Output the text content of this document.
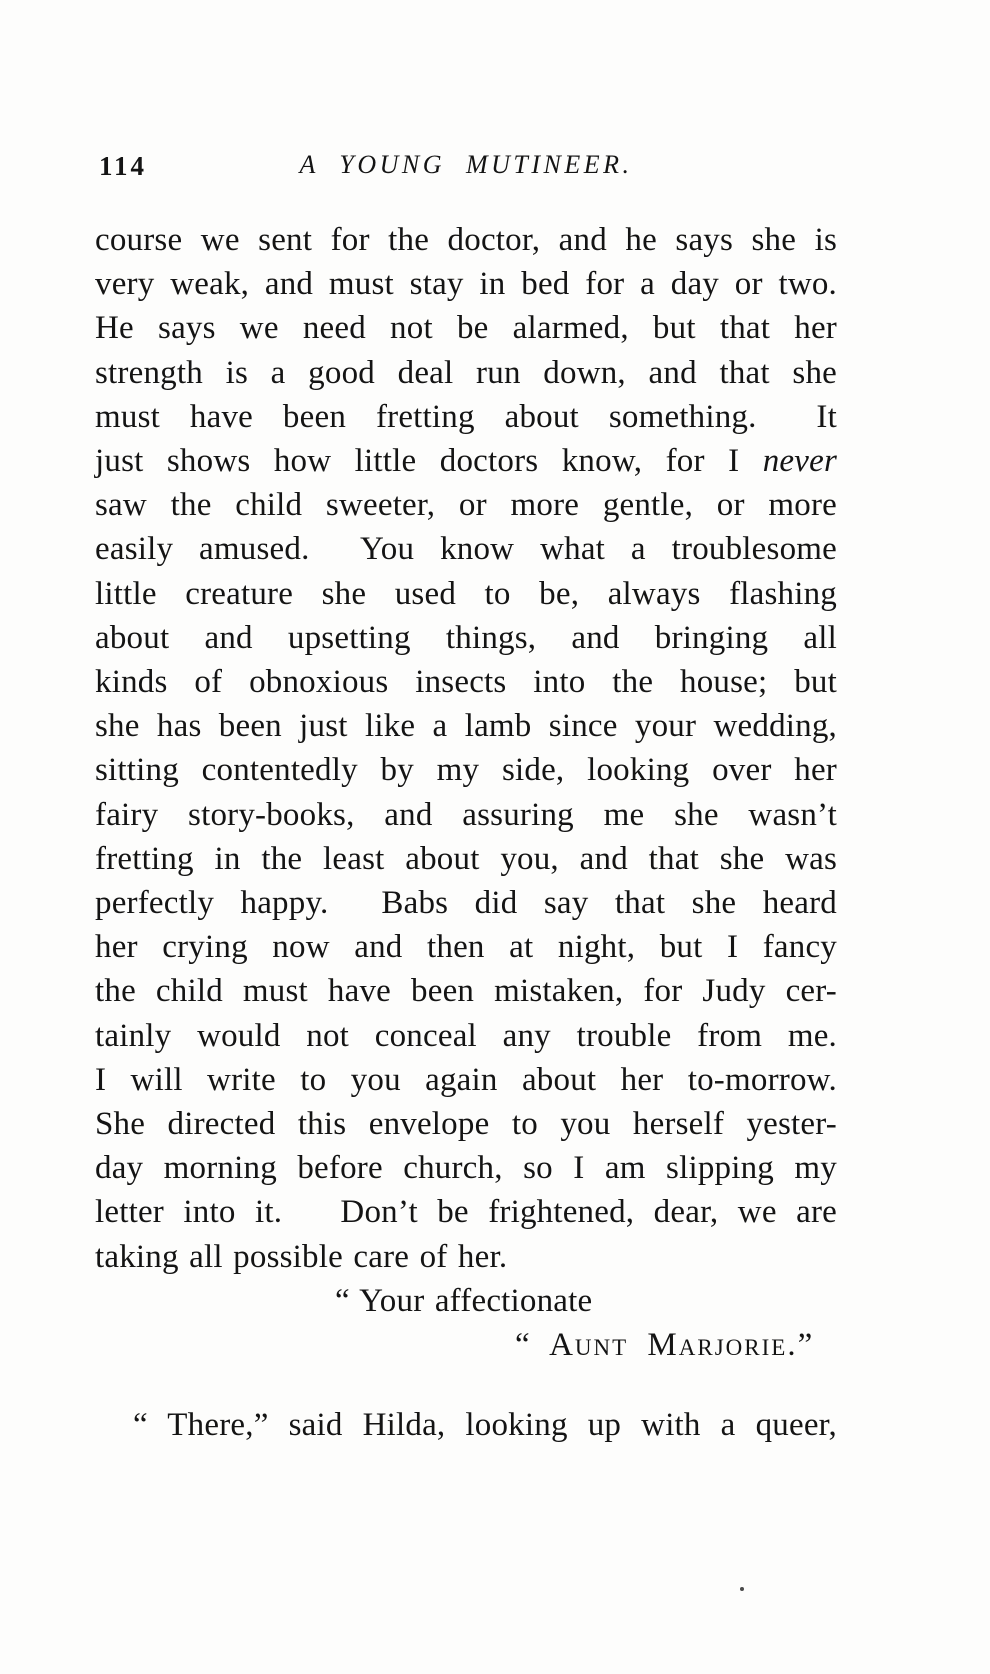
114	A YOUNG MUTINEER.
course we sent for the doctor, and he says she is
very weak, and must stay in bed for a day or two.
He says we need not be alarmed, but that her
strength is a good deal run down, and that she
must have been fretting about something.  It
just shows how little doctors know, for I never
saw the child sweeter, or more gentle, or more
easily amused.  You know what a troublesome
little creature she used to be, always flashing
about and upsetting things, and bringing all
kinds of obnoxious insects into the house; but
she has been just like a lamb since your wedding,
sitting contentedly by my side, looking over her
fairy story-books, and assuring me she wasn’t
fretting in the least about you, and that she was
perfectly happy.  Babs did say that she heard
her crying now and then at night, but I fancy
the child must have been mistaken, for Judy cer-
tainly would not conceal any trouble from me.
I will write to you again about her to-morrow.
She directed this envelope to you herself yester-
day morning before church, so I am slipping my
letter into it.   Don’t be frightened, dear, we are
taking all possible care of her.
“ Your affectionate
“ Aunt Marjorie.”
“ There,” said Hilda, looking up with a queer,
